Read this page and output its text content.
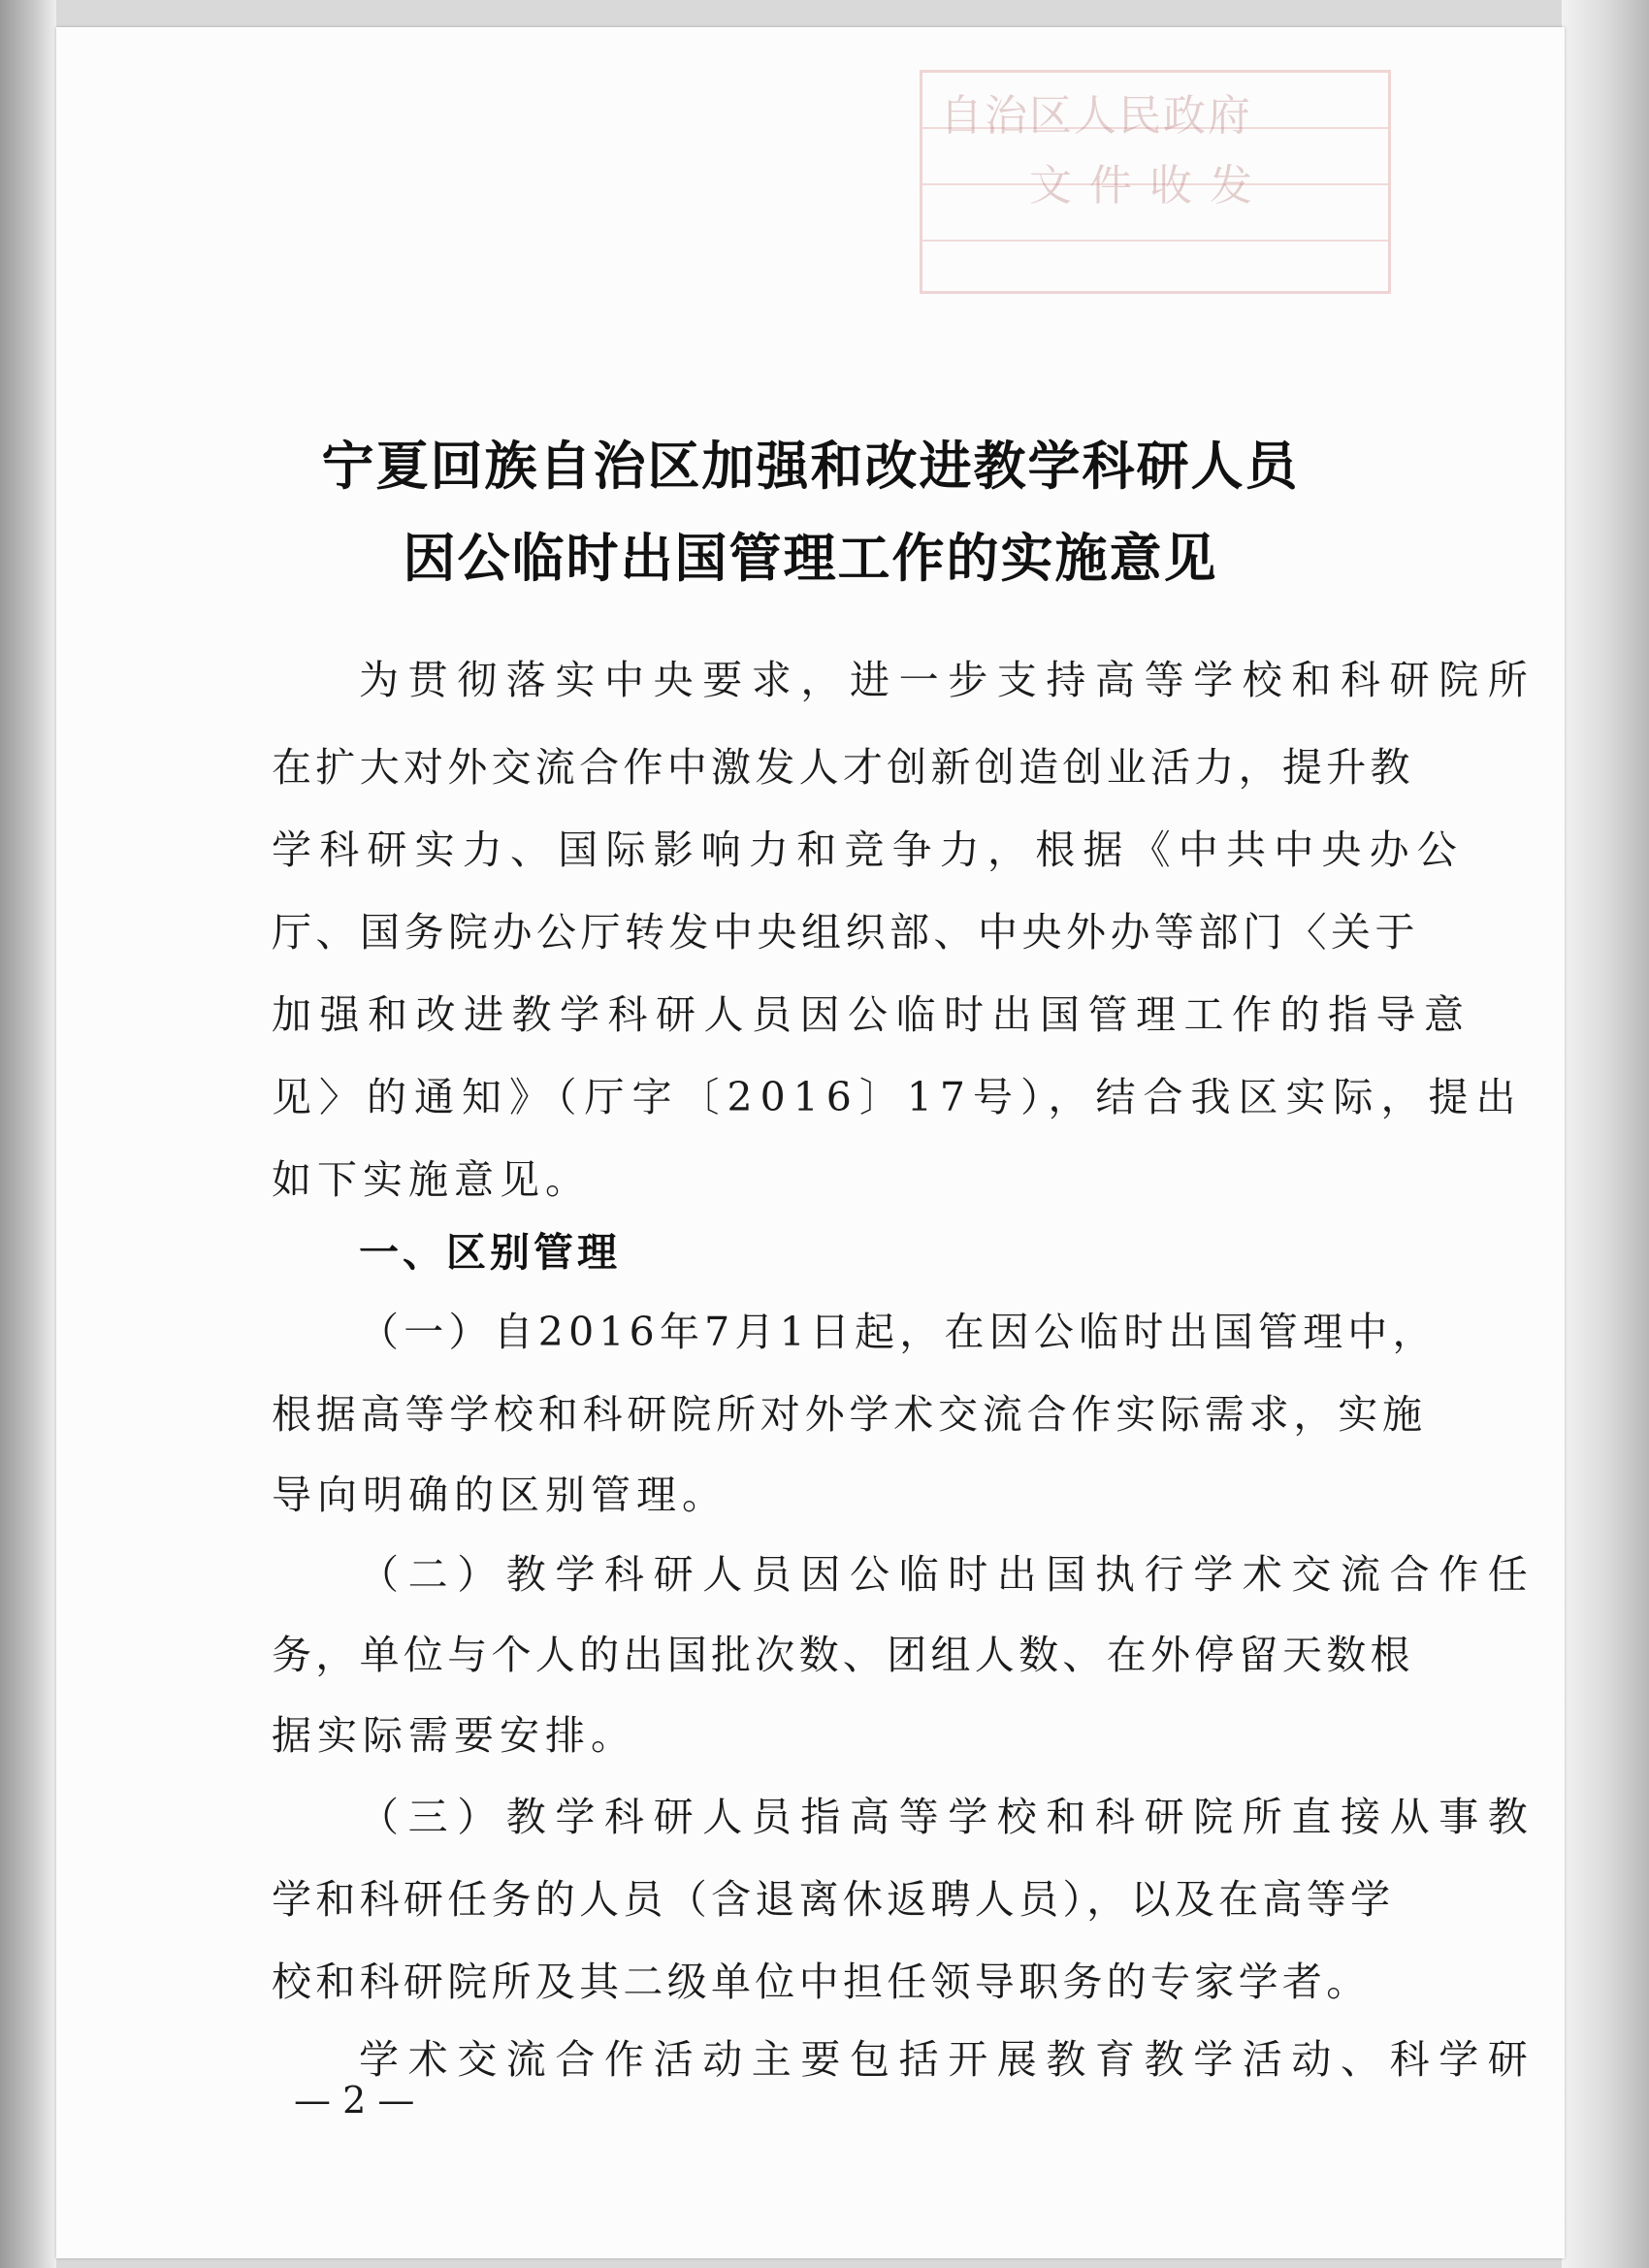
自治区人民政府
文 件 收 发
宁夏回族自治区加强和改进教学科研人员
因公临时出国管理工作的实施意见
为贯彻落实中央要求，进一步支持高等学校和科研院所
在扩大对外交流合作中激发人才创新创造创业活力，提升教
学科研实力、国际影响力和竞争力，根据《中共中央办公
厅、国务院办公厅转发中央组织部、中央外办等部门〈关于
加强和改进教学科研人员因公临时出国管理工作的指导意
见〉的通知》（厅字〔2016〕17号），结合我区实际，提出
如下实施意见。
一、区别管理
（一）自2016年7月1日起，在因公临时出国管理中，
根据高等学校和科研院所对外学术交流合作实际需求，实施
导向明确的区别管理。
（二）教学科研人员因公临时出国执行学术交流合作任
务，单位与个人的出国批次数、团组人数、在外停留天数根
据实际需要安排。
（三）教学科研人员指高等学校和科研院所直接从事教
学和科研任务的人员（含退离休返聘人员），以及在高等学
校和科研院所及其二级单位中担任领导职务的专家学者。
学术交流合作活动主要包括开展教育教学活动、科学研
— 2 —
